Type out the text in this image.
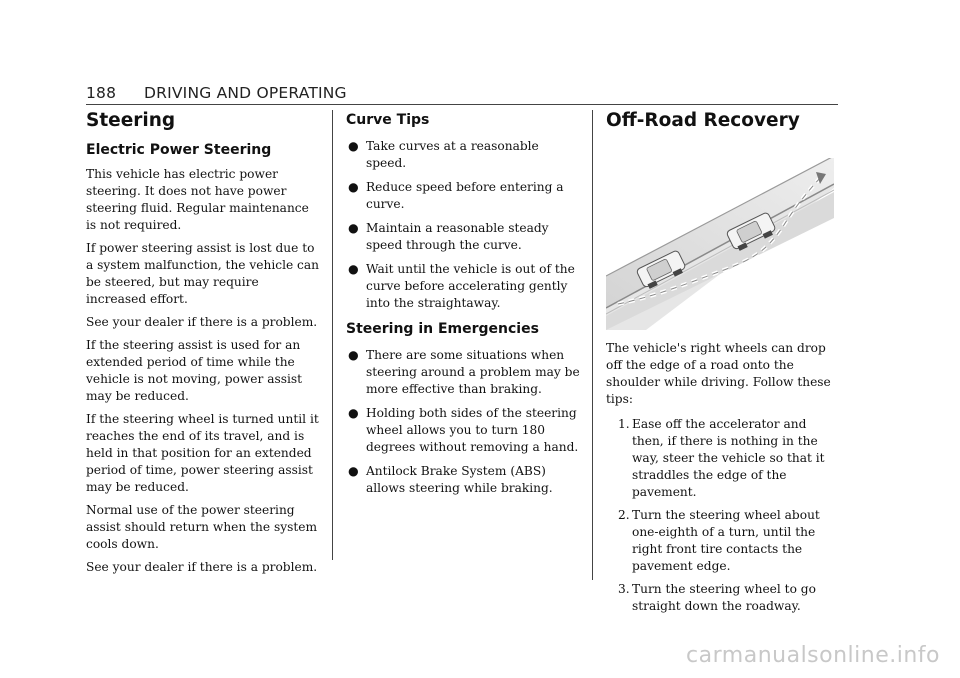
188 DRIVING AND OPERATING
Steering
Electric Power Steering

This vehicle has electric power steering. It does not have power steering fluid. Regular maintenance is not required.

If power steering assist is lost due to a system malfunction, the vehicle can be steered, but may require increased effort.

See your dealer if there is a problem.

If the steering assist is used for an extended period of time while the vehicle is not moving, power assist may be reduced.

If the steering wheel is turned until it reaches the end of its travel, and is held in that position for an extended period of time, power steering assist may be reduced.

Normal use of the power steering assist should return when the system cools down.

See your dealer if there is a problem.

Curve Tips
● Take curves at a reasonable speed.
● Reduce speed before entering a curve.
● Maintain a reasonable steady speed through the curve.
● Wait until the vehicle is out of the curve before accelerating gently into the straightaway.
Steering in Emergencies
● There are some situations when steering around a problem may be more effective than braking.
● Holding both sides of the steering wheel allows you to turn 180 degrees without removing a hand.
● Antilock Brake System (ABS) allows steering while braking.
Off-Road Recovery

The vehicle's right wheels can drop off the edge of a road onto the shoulder while driving. Follow these tips:

1. Ease off the accelerator and then, if there is nothing in the way, steer the vehicle so that it straddles the edge of the pavement.
2. Turn the steering wheel about one-eighth of a turn, until the right front tire contacts the pavement edge.
3. Turn the steering wheel to go straight down the roadway.
carmanualsonline.info
